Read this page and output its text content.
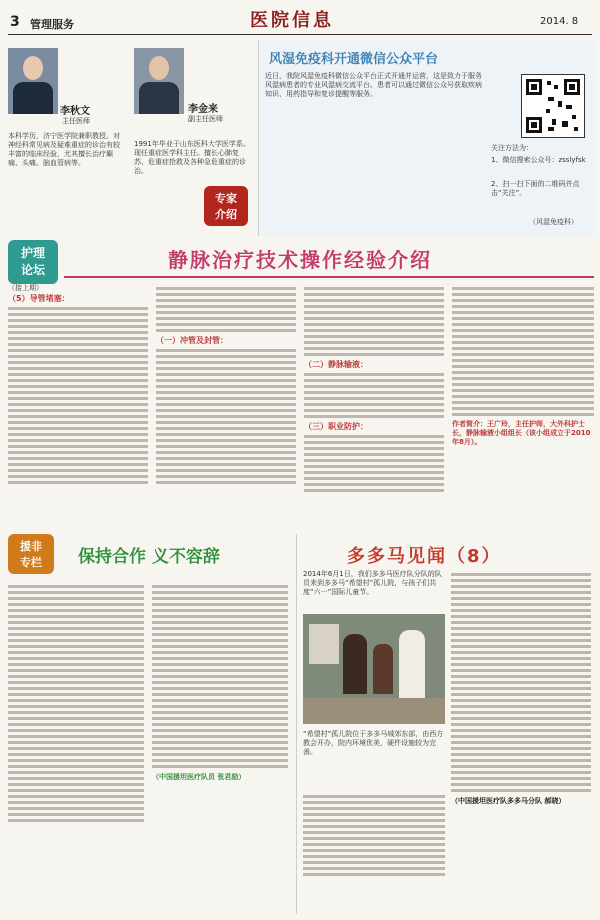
3 管理服务	医院信息	2014. 8
李秋文
主任医师
本科学历，济宁医学院兼职教授。对神经科常见病及疑难重症的诊治有较丰富的临床经验，尤其擅长治疗癫痫、头痛、脑血管病等。
李金来
副主任医师
1991年毕业于山东医科大学医学系。现任重症医学科主任。擅长心肺复苏、危重症抢救及各种急危重症的诊治。
专家
介绍
风湿免疫科开通微信公众平台
近日，我院风湿免疫科微信公众平台正式开通并运营，这是致力于服务风湿病患者的专业风湿病交流平台。患者可以通过微信公众号获取疾病知识、用药指导和复诊提醒等服务。
关注方法为：
1、微信搜索公众号：zsslyfsk
2、扫一扫下面的二维码并点击“关注”。
（风湿免疫科）
护理
论坛	静脉治疗技术操作经验介绍
（接上期）
（5）导管堵塞：
（一）冲管及封管：
（二）静脉输液：
（三）职业防护：	作者简介：王广玲，主任护师，大外科护士长，静脉输液小组组长（该小组成立于2010年8月）。
援非
专栏	保持合作 义不容辞
（中国援坦医疗队员 张君励）
多多马见闻（8）
2014年6月1日，我们多多马医疗队分队的队员来到多多马“希望村”孤儿院，与孩子们共度“六一”国际儿童节。
“希望村”孤儿院位于多多马城郊东部，由西方教会开办，院内环境优美，硬件设施较为完善。
（中国援坦医疗队多多马分队 郝晓）
